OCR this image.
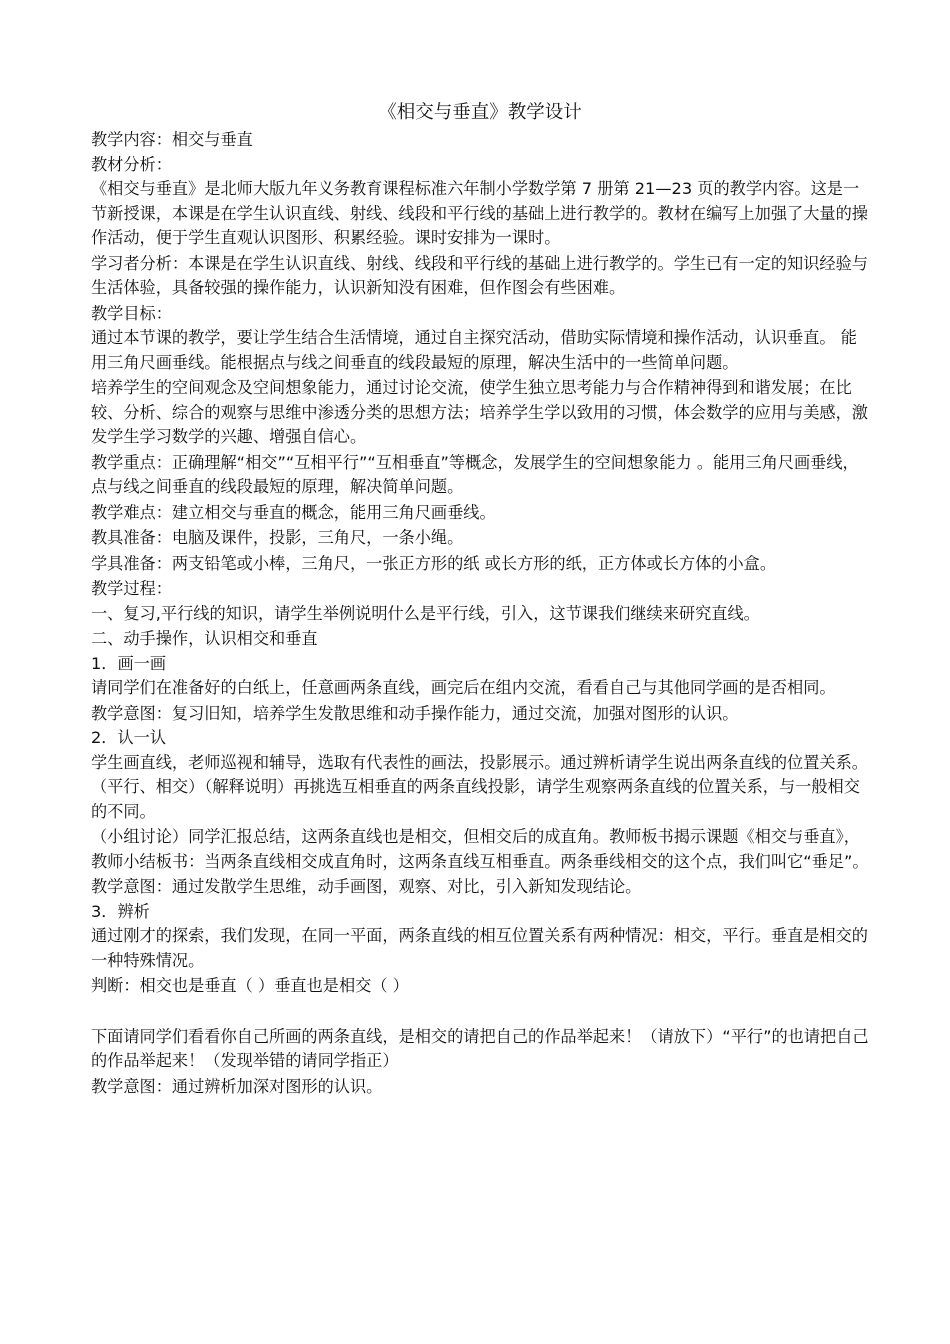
《相交与垂直》教学设计

教学内容：相交与垂直

教材分析：

《相交与垂直》是北师大版九年义务教育课程标准六年制小学数学第 7 册第 21—23 页的教学内容。这是一节新授课，本课是在学生认识直线、射线、线段和平行线的基础上进行教学的。教材在编写上加强了大量的操作活动，便于学生直观认识图形、积累经验。课时安排为一课时。

学习者分析：本课是在学生认识直线、射线、线段和平行线的基础上进行教学的。学生已有一定的知识经验与生活体验，具备较强的操作能力，认识新知没有困难，但作图会有些困难。

教学目标：

通过本节课的教学，要让学生结合生活情境，通过自主探究活动，借助实际情境和操作活动，认识垂直。 能用三角尺画垂线。能根据点与线之间垂直的线段最短的原理，解决生活中的一些简单问题。

培养学生的空间观念及空间想象能力，通过讨论交流，使学生独立思考能力与合作精神得到和谐发展；在比较、分析、综合的观察与思维中渗透分类的思想方法；培养学生学以致用的习惯，体会数学的应用与美感，激发学生学习数学的兴趣、增强自信心。

教学重点：正确理解“相交”“互相平行”“互相垂直”等概念，发展学生的空间想象能力 。能用三角尺画垂线，点与线之间垂直的线段最短的原理，解决简单问题。

教学难点：建立相交与垂直的概念，能用三角尺画垂线。

教具准备：电脑及课件，投影，三角尺，一条小绳。

学具准备：两支铅笔或小棒，三角尺，一张正方形的纸 或长方形的纸，正方体或长方体的小盒。

教学过程：

一、复习,平行线的知识，请学生举例说明什么是平行线，引入，这节课我们继续来研究直线。

二、动手操作，认识相交和垂直

1．画一画

请同学们在准备好的白纸上，任意画两条直线，画完后在组内交流，看看自己与其他同学画的是否相同。

教学意图：复习旧知，培养学生发散思维和动手操作能力，通过交流，加强对图形的认识。

2．认一认

学生画直线，老师巡视和辅导，选取有代表性的画法，投影展示。通过辨析请学生说出两条直线的位置关系。（平行、相交）（解释说明）再挑选互相垂直的两条直线投影，请学生观察两条直线的位置关系，与一般相交的不同。

（小组讨论）同学汇报总结，这两条直线也是相交，但相交后的成直角。教师板书揭示课题《相交与垂直》，教师小结板书：当两条直线相交成直角时，这两条直线互相垂直。两条垂线相交的这个点，我们叫它“垂足”。

教学意图：通过发散学生思维，动手画图，观察、对比，引入新知发现结论。

3．辨析

通过刚才的探索，我们发现，在同一平面，两条直线的相互位置关系有两种情况：相交，平行。垂直是相交的一种特殊情况。

判断：相交也是垂直（ ）垂直也是相交（ ）

下面请同学们看看你自己所画的两条直线，是相交的请把自己的作品举起来！（请放下）“平行”的也请把自己的作品举起来！（发现举错的请同学指正）

教学意图：通过辨析加深对图形的认识。
